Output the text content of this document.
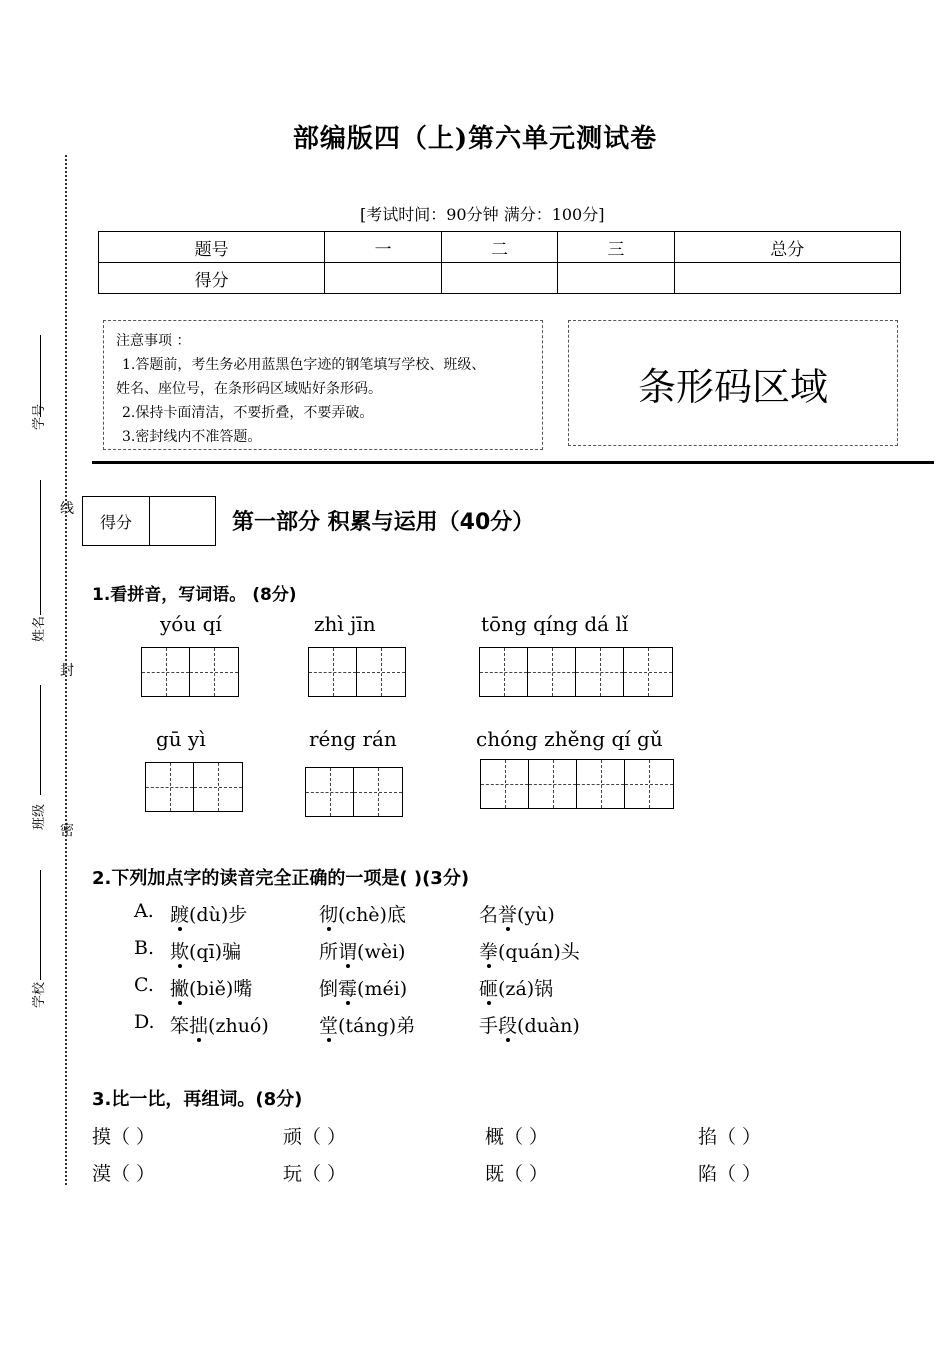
线
封
密
学号
姓名
班级
学校
部编版四（上)第六单元测试卷
[考试时间：90分钟 满分：100分]
题号	一	二	三	总分
得分				

注意事项 ：

1.答题前，考生务必用蓝黑色字迹的钢笔填写学校、班级、

姓名、座位号，在条形码区域贴好条形码。

2.保持卡面清洁，不要折叠，不要弄破。

3.密封线内不准答题。

条形码区域
得分	第一部分 积累与运用（40分）
1.看拼音，写词语。 (8分)
yóu qí	zhì jīn	tōng qíng dá lǐ
gū yì	réng rán	chóng zhěng qí gǔ
2.下列加点字的读音完全正确的一项是( )(3分)
A. 踱(dù)步	彻(chè)底	名誉(yù)
B. 欺(qī)骗	所谓(wèi)	拳(quán)头
C. 撇(biě)嘴	倒霉(méi)	砸(zá)锅
D. 笨拙(zhuó)	堂(táng)弟	手段(duàn)
3.比一比，再组词。(8分)
摸（ ）	顽（ ）	概（ ）	掐（ ）
漠（ ）	玩（ ）	既（ ）	陷（ ）
